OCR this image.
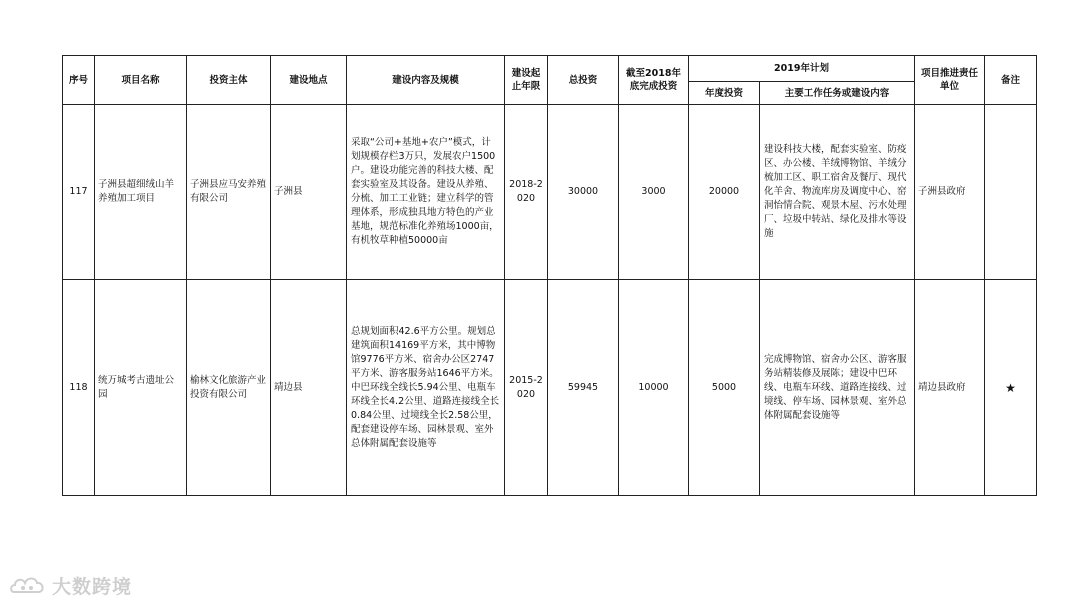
序号	项目名称	投资主体	建设地点	建设内容及规模	建设起止年限	总投资	截至2018年底完成投资	2019年计划		项目推进责任单位	备注
								年度投资	主要工作任务或建设内容		
117	子洲县超细绒山羊养殖加工项目	子洲县应马安养殖有限公司	子洲县	采取“公司+基地+农户”模式，计划规模存栏3万只，发展农户1500户。建设功能完善的科技大楼、配套实验室及其设备。建设从养殖、分梳、加工工业链；建立科学的管理体系，形成独具地方特色的产业基地，规范标准化养殖场1000亩，有机牧草种植50000亩	2018-2020	30000	3000	20000	建设科技大楼，配套实验室、防疫区、办公楼、羊绒博物馆、羊绒分梳加工区、职工宿舍及餐厅、现代化羊舍、物流库房及调度中心、窑洞怡情合院、观景木屋、污水处理厂、垃圾中转站、绿化及排水等设施	子洲县政府	
118	统万城考古遗址公园	榆林文化旅游产业投资有限公司	靖边县	总规划面积42.6平方公里。规划总建筑面积14169平方米，其中博物馆9776平方米、宿舍办公区2747平方米、游客服务站1646平方米。中巴环线全线长5.94公里、电瓶车环线全长4.2公里、道路连接线全长0.84公里、过境线全长2.58公里，配套建设停车场、园林景观、室外总体附属配套设施等	2015-2020	59945	10000	5000	完成博物馆、宿舍办公区、游客服务站精装修及展陈；建设中巴环线、电瓶车环线、道路连接线、过境线、停车场、园林景观、室外总体附属配套设施等	靖边县政府	★
大数跨境
